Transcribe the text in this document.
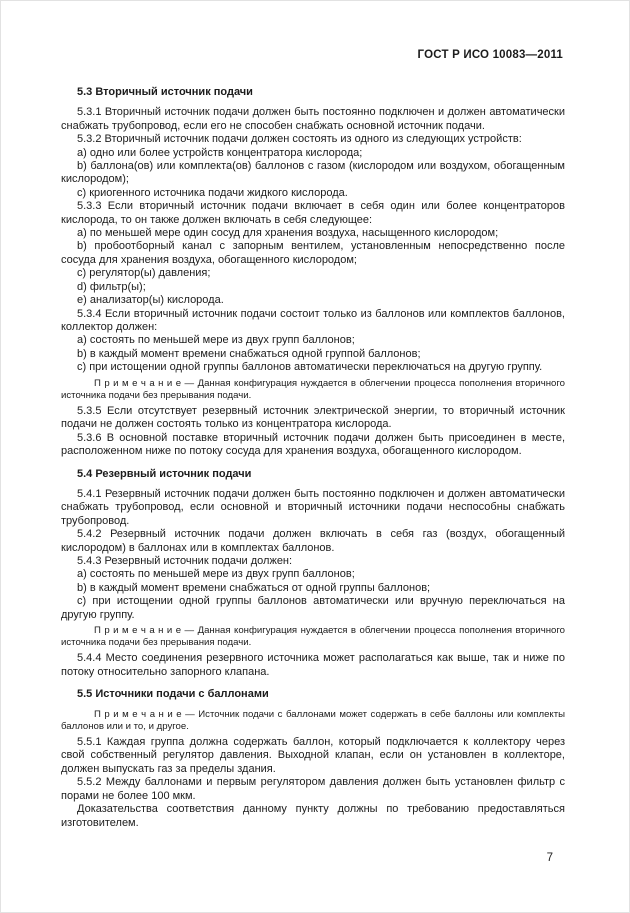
ГОСТ Р ИСО 10083—2011
5.3 Вторичный источник подачи
5.3.1 Вторичный источник подачи должен быть постоянно подключен и должен автоматически снабжать трубопровод, если его не способен снабжать основной источник подачи.
5.3.2 Вторичный источник подачи должен состоять из одного из следующих устройств:
a) одно или более устройств концентратора кислорода;
b) баллона(ов) или комплекта(ов) баллонов с газом (кислородом или воздухом, обогащенным кислородом);
c) криогенного источника подачи жидкого кислорода.
5.3.3 Если вторичный источник подачи включает в себя один или более концентраторов кислорода, то он также должен включать в себя следующее:
а) по меньшей мере один сосуд для хранения воздуха, насыщенного кислородом;
b) пробоотборный канал с запорным вентилем, установленным непосредственно после сосуда для хранения воздуха, обогащенного кислородом;
c) регулятор(ы) давления;
d) фильтр(ы);
e) анализатор(ы) кислорода.
5.3.4 Если вторичный источник подачи состоит только из баллонов или комплектов баллонов, коллектор должен:
а) состоять по меньшей мере из двух групп баллонов;
b) в каждый момент времени снабжаться одной группой баллонов;
c) при истощении одной группы баллонов автоматически переключаться на другую группу.
П р и м е ч а н и е — Данная конфигурация нуждается в облегчении процесса пополнения вторичного источника подачи без прерывания подачи.
5.3.5 Если отсутствует резервный источник электрической энергии, то вторичный источник подачи не должен состоять только из концентратора кислорода.
5.3.6 В основной поставке вторичный источник подачи должен быть присоединен в месте, расположенном ниже по потоку сосуда для хранения воздуха, обогащенного кислородом.
5.4 Резервный источник подачи
5.4.1 Резервный источник подачи должен быть постоянно подключен и должен автоматически снабжать трубопровод, если основной и вторичный источники подачи неспособны снабжать трубопровод.
5.4.2 Резервный источник подачи должен включать в себя газ (воздух, обогащенный кислородом) в баллонах или в комплектах баллонов.
5.4.3 Резервный источник подачи должен:
а) состоять по меньшей мере из двух групп баллонов;
b) в каждый момент времени снабжаться от одной группы баллонов;
c) при истощении одной группы баллонов автоматически или вручную переключаться на другую группу.
П р и м е ч а н и е — Данная конфигурация нуждается в облегчении процесса пополнения вторичного источника подачи без прерывания подачи.
5.4.4 Место соединения резервного источника может располагаться как выше, так и ниже по потоку относительно запорного клапана.
5.5 Источники подачи с баллонами
П р и м е ч а н и е — Источник подачи с баллонами может содержать в себе баллоны или комплекты баллонов или и то, и другое.
5.5.1 Каждая группа должна содержать баллон, который подключается к коллектору через свой собственный регулятор давления. Выходной клапан, если он установлен в коллекторе, должен выпускать газ за пределы здания.
5.5.2 Между баллонами и первым регулятором давления должен быть установлен фильтр с порами не более 100 мкм.
Доказательства соответствия данному пункту должны по требованию предоставляться изготовителем.
7
